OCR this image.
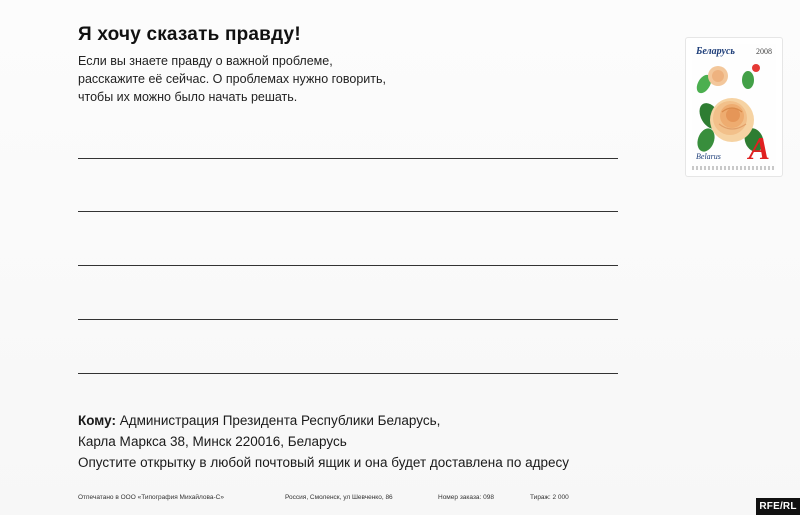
Я хочу сказать правду!
Если вы знаете правду о важной проблеме,
расскажите её сейчас. О проблемах нужно говорить,
чтобы их можно было начать решать.
Кому: Администрация Президента Республики Беларусь,
Карла Маркса 38, Минск 220016, Беларусь
Опустите открытку в любой почтовый ящик и она будет доставлена по адресу
Отпечатано в ООО «Типография Михайлова-С»	Россия, Смоленск, ул Шевченко, 86	Номер заказа: 098	Тираж: 2 000
Беларусь	2008
Belarus A
RFE/RL
